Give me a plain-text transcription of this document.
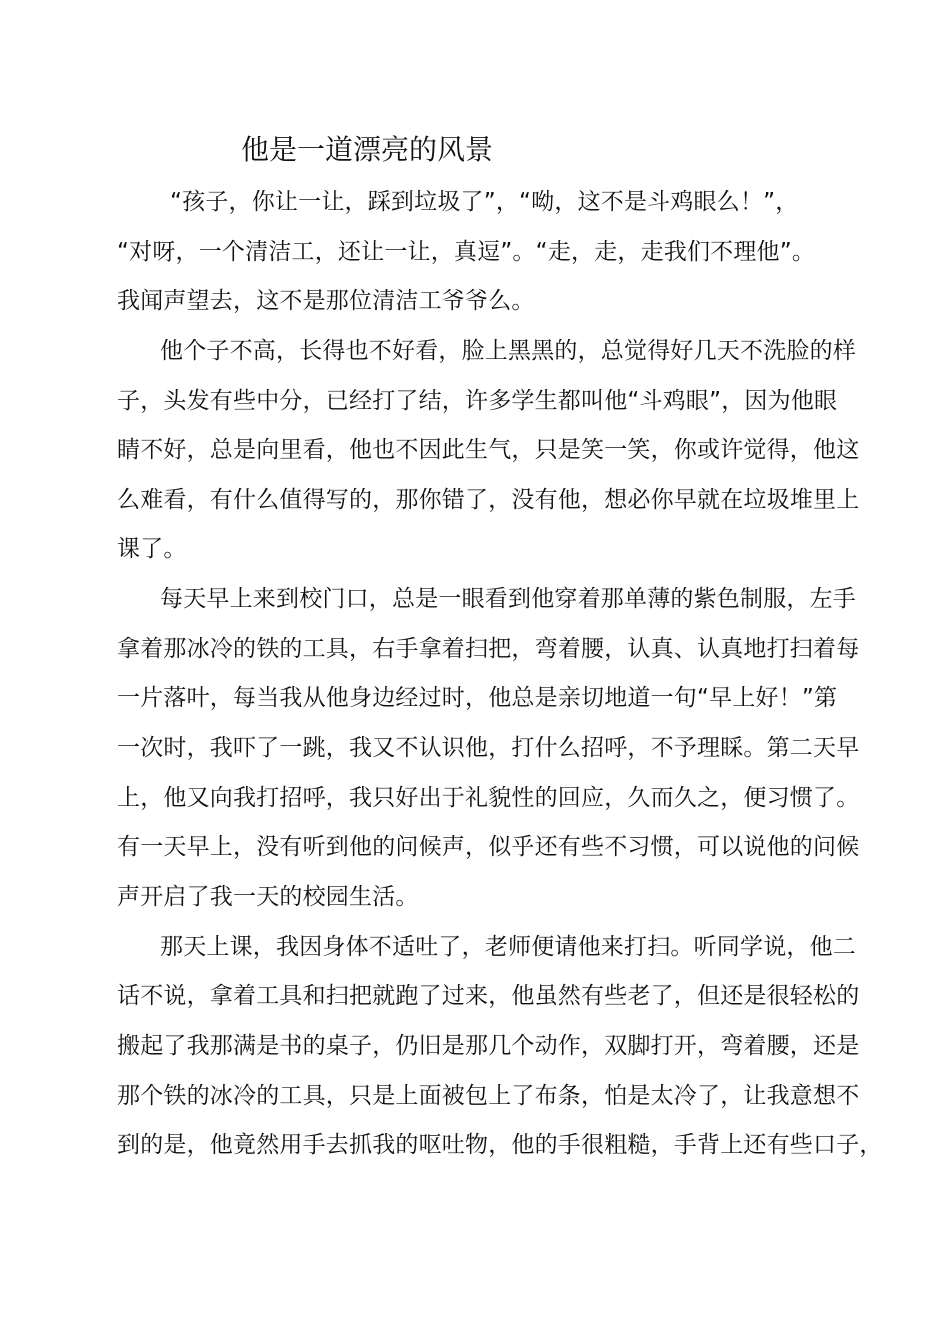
他是一道漂亮的风景
“孩子，你让一让，踩到垃圾了”，“呦，这不是斗鸡眼么！”，
“对呀，一个清洁工，还让一让，真逗”。“走，走，走我们不理他”。
我闻声望去，这不是那位清洁工爷爷么。
他个子不高，长得也不好看，脸上黑黑的，总觉得好几天不洗脸的样
子，头发有些中分，已经打了结，许多学生都叫他“斗鸡眼”，因为他眼
睛不好，总是向里看，他也不因此生气，只是笑一笑，你或许觉得，他这
么难看，有什么值得写的，那你错了，没有他，想必你早就在垃圾堆里上
课了。
每天早上来到校门口，总是一眼看到他穿着那单薄的紫色制服，左手
拿着那冰冷的铁的工具，右手拿着扫把，弯着腰，认真、认真地打扫着每
一片落叶，每当我从他身边经过时，他总是亲切地道一句“早上好！”第
一次时，我吓了一跳，我又不认识他，打什么招呼，不予理睬。第二天早
上，他又向我打招呼，我只好出于礼貌性的回应，久而久之，便习惯了。
有一天早上，没有听到他的问候声，似乎还有些不习惯，可以说他的问候
声开启了我一天的校园生活。
那天上课，我因身体不适吐了，老师便请他来打扫。听同学说，他二
话不说，拿着工具和扫把就跑了过来，他虽然有些老了，但还是很轻松的
搬起了我那满是书的桌子，仍旧是那几个动作，双脚打开，弯着腰，还是
那个铁的冰冷的工具，只是上面被包上了布条，怕是太冷了，让我意想不
到的是，他竟然用手去抓我的呕吐物，他的手很粗糙，手背上还有些口子，
